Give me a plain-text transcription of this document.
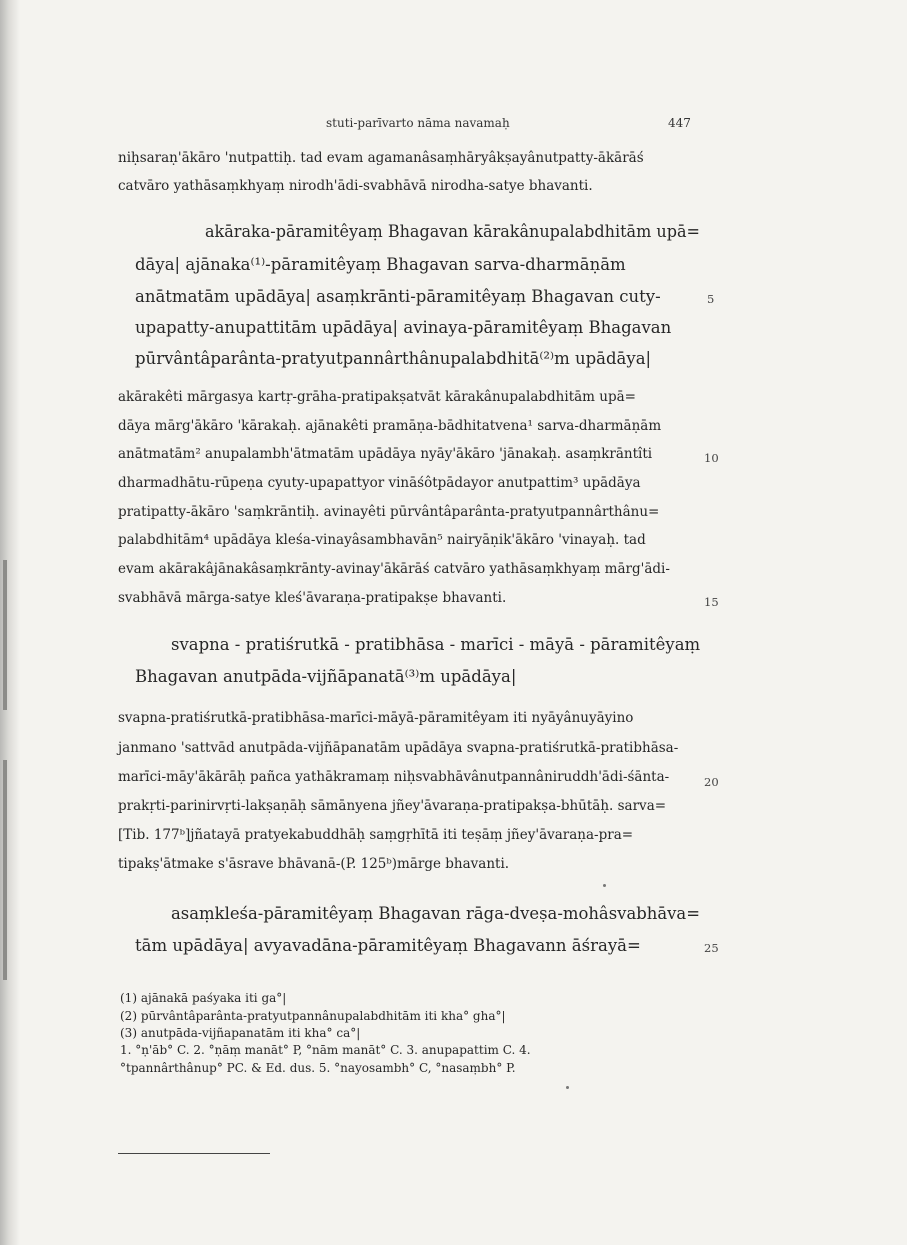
stuti-parīvarto nāma navamaḥ	447
niḥsaraṇ'ākāro 'nutpattiḥ. tad evam agamanâsaṃhāryâkṣayânutpatty-ākārāś
catvāro yathāsaṃkhyaṃ nirodh'ādi-svabhāvā nirodha-satye bhavanti.
akāraka-pāramitêyaṃ Bhagavan kārakânupalabdhitām upā=
dāya| ajānaka⁽¹⁾-pāramitêyaṃ Bhagavan sarva-dharmāṇām
anātmatām upādāya| asaṃkrānti-pāramitêyaṃ Bhagavan cuty-
upapatty-anupattitām upādāya| avinaya-pāramitêyaṃ Bhagavan
pūrvântâparânta-pratyutpannârthânupalabdhitā⁽²⁾m upādāya|
akārakêti mārgasya kartṛ-grāha-pratipakṣatvāt kārakânupalabdhitām upā=
dāya mārg'ākāro 'kārakaḥ. ajānakêti pramāṇa-bādhitatvena¹ sarva-dharmāṇām
anātmatām² anupalambh'ātmatām upādāya nyāy'ākāro 'jānakaḥ. asaṃkrāntîti
dharmadhātu-rūpeṇa cyuty-upapattyor vināśôtpādayor anutpattim³ upādāya
pratipatty-ākāro 'saṃkrāntiḥ. avinayêti pūrvântâparânta-pratyutpannârthânu=
palabdhitām⁴ upādāya kleśa-vinayâsambhavān⁵ nairyāṇik'ākāro 'vinayaḥ. tad
evam akārakâjānakâsaṃkrānty-avinay'ākārāś catvāro yathāsaṃkhyaṃ mārg'ādi-
svabhāvā mārga-satye kleś'āvaraṇa-pratipakṣe bhavanti.
svapna - pratiśrutkā - pratibhāsa - marīci - māyā - pāramitêyaṃ
Bhagavan anutpāda-vijñāpanatā⁽³⁾m upādāya|
svapna-pratiśrutkā-pratibhāsa-marīci-māyā-pāramitêyam iti nyāyânuyāyino
janmano 'sattvād anutpāda-vijñāpanatām upādāya svapna-pratiśrutkā-pratibhāsa-
marīci-māy'ākārāḥ pañca yathākramaṃ niḥsvabhāvânutpannâniruddh'ādi-śānta-
prakṛti-parinirvṛti-lakṣaṇāḥ sāmānyena jñey'āvaraṇa-pratipakṣa-bhūtāḥ. sarva=
[Tib. 177ᵇ]jñatayā pratyekabuddhāḥ saṃgṛhītā iti teṣāṃ jñey'āvaraṇa-pra=
tipakṣ'ātmake s'āsrave bhāvanā-(P. 125ᵇ)mārge bhavanti.
asaṃkleśa-pāramitêyaṃ Bhagavan rāga-dveṣa-mohâsvabhāva=
tām upādāya| avyavadāna-pāramitêyaṃ Bhagavann āśrayā=
5
10
15
20
25
(1) ajānakā paśyaka iti ga°|
(2) pūrvântâparânta-pratyutpannânupalabdhitām iti kha° gha°|
(3) anutpāda-vijñapanatām iti kha° ca°|
1. °ṇ'āb° C. 2. °ṇāṃ manāt° P, °nām manāt° C. 3. anupapattim C. 4.
°tpannârthânup° PC. & Ed. dus. 5. °nayosambh° C, °nasaṃbh° P.
